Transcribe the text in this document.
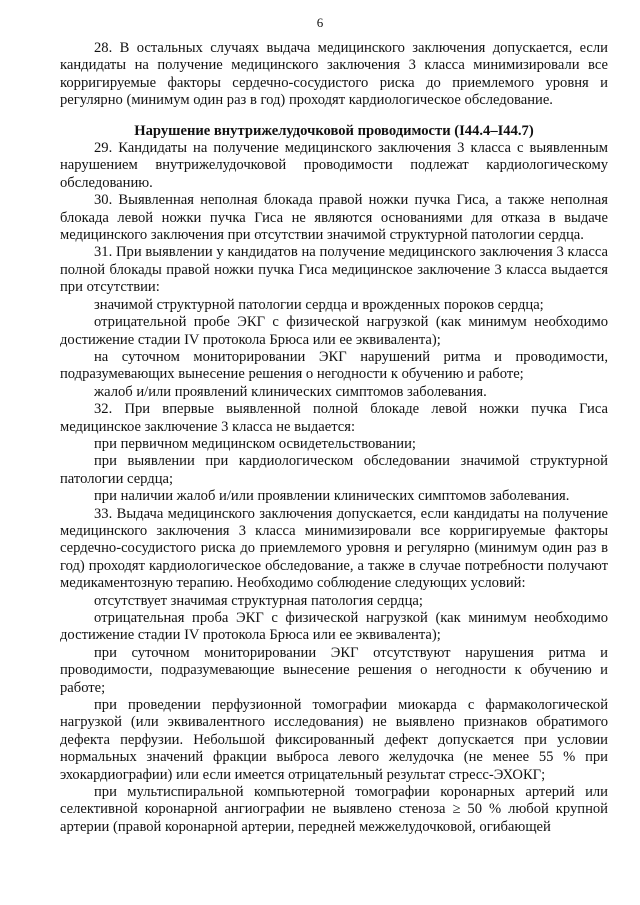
6

28. В остальных случаях выдача медицинского заключения допускается, если кандидаты на получение медицинского заключения 3 класса минимизировали все корригируемые факторы сердечно-сосудистого риска до приемлемого уровня и регулярно (минимум один раз в год) проходят кардиологическое обследование.

Нарушение внутрижелудочковой проводимости (I44.4–I44.7)

29. Кандидаты на получение медицинского заключения 3 класса с выявленным нарушением внутрижелудочковой проводимости подлежат кардиологическому обследованию.

30. Выявленная неполная блокада правой ножки пучка Гиса, а также неполная блокада левой ножки пучка Гиса не являются основаниями для отказа в выдаче медицинского заключения при отсутствии значимой структурной патологии сердца.

31. При выявлении у кандидатов на получение медицинского заключения 3 класса полной блокады правой ножки пучка Гиса медицинское заключение 3 класса выдается при отсутствии:

значимой структурной патологии сердца и врожденных пороков сердца;

отрицательной пробе ЭКГ с физической нагрузкой (как минимум необходимо достижение стадии IV протокола Брюса или ее эквивалента);

на суточном мониторировании ЭКГ нарушений ритма и проводимости, подразумевающих вынесение решения о негодности к обучению и работе;

жалоб и/или проявлений клинических симптомов заболевания.

32. При впервые выявленной полной блокаде левой ножки пучка Гиса медицинское заключение 3 класса не выдается:

при первичном медицинском освидетельствовании;

при выявлении при кардиологическом обследовании значимой структурной патологии сердца;

при наличии жалоб и/или проявлении клинических симптомов заболевания.

33. Выдача медицинского заключения допускается, если кандидаты на получение медицинского заключения 3 класса минимизировали все корригируемые факторы сердечно-сосудистого риска до приемлемого уровня и регулярно (минимум один раз в год) проходят кардиологическое обследование, а также в случае потребности получают медикаментозную терапию. Необходимо соблюдение следующих условий:

отсутствует значимая структурная патология сердца;

отрицательная проба ЭКГ с физической нагрузкой (как минимум необходимо достижение стадии IV протокола Брюса или ее эквивалента);

при суточном мониторировании ЭКГ отсутствуют нарушения ритма и проводимости, подразумевающие вынесение решения о негодности к обучению и работе;

при проведении перфузионной томографии миокарда с фармакологической нагрузкой (или эквивалентного исследования) не выявлено признаков обратимого дефекта перфузии. Небольшой фиксированный дефект допускается при условии нормальных значений фракции выброса левого желудочка (не менее 55 % при эхокардиографии) или если имеется отрицательный результат стресс-ЭХОКГ;

при мультиспиральной компьютерной томографии коронарных артерий или селективной коронарной ангиографии не выявлено стеноза ≥ 50 % любой крупной артерии (правой коронарной артерии, передней межжелудочковой, огибающей
